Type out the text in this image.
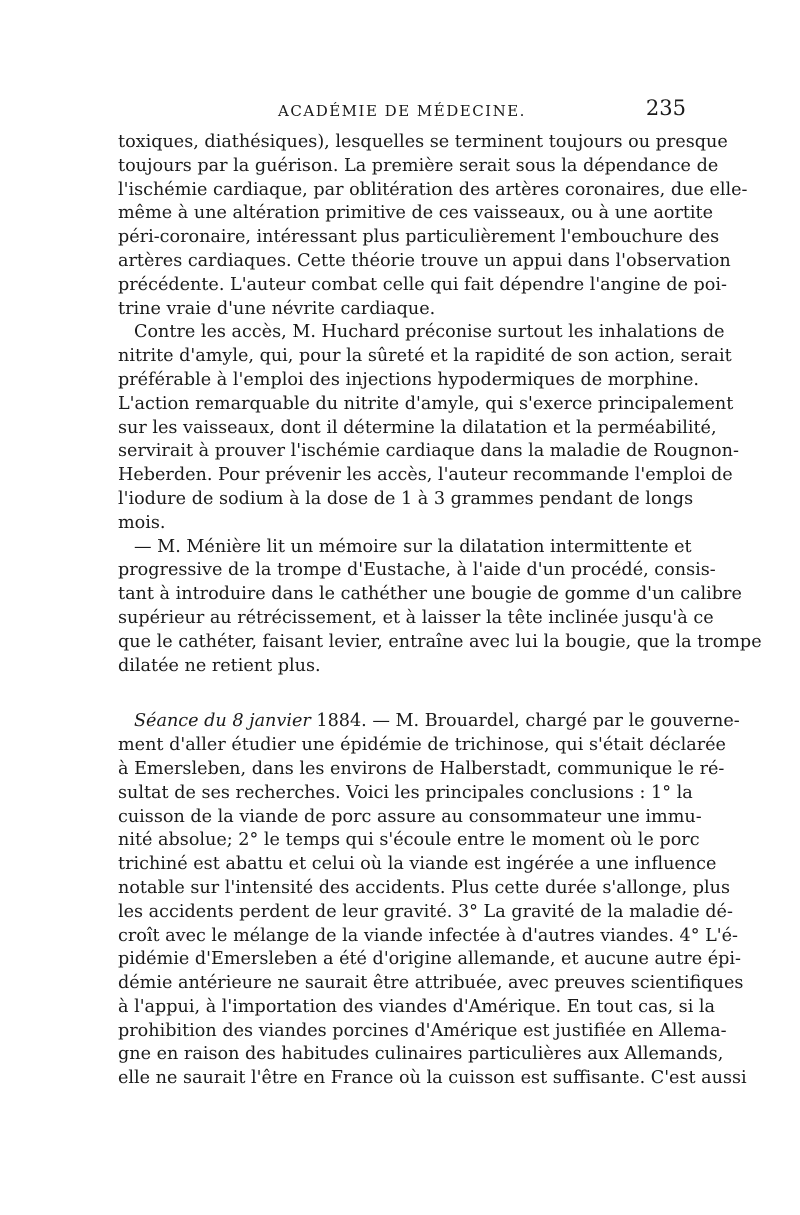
ACADÉMIE DE MÉDECINE.	235
toxiques, diathésiques), lesquelles se terminent toujours ou presque
toujours par la guérison. La première serait sous la dépendance de
l'ischémie cardiaque, par oblitération des artères coronaires, due elle-
même à une altération primitive de ces vaisseaux, ou à une aortite
péri-coronaire, intéressant plus particulièrement l'embouchure des
artères cardiaques. Cette théorie trouve un appui dans l'observation
précédente. L'auteur combat celle qui fait dépendre l'angine de poi-
trine vraie d'une névrite cardiaque.
Contre les accès, M. Huchard préconise surtout les inhalations de
nitrite d'amyle, qui, pour la sûreté et la rapidité de son action, serait
préférable à l'emploi des injections hypodermiques de morphine.
L'action remarquable du nitrite d'amyle, qui s'exerce principalement
sur les vaisseaux, dont il détermine la dilatation et la perméabilité,
servirait à prouver l'ischémie cardiaque dans la maladie de Rougnon-
Heberden. Pour prévenir les accès, l'auteur recommande l'emploi de
l'iodure de sodium à la dose de 1 à 3 grammes pendant de longs
mois.
— M. Ménière lit un mémoire sur la dilatation intermittente et
progressive de la trompe d'Eustache, à l'aide d'un procédé, consis-
tant à introduire dans le cathéther une bougie de gomme d'un calibre
supérieur au rétrécissement, et à laisser la tête inclinée jusqu'à ce
que le cathéter, faisant levier, entraîne avec lui la bougie, que la trompe
dilatée ne retient plus.
Séance du 8 janvier 1884. — M. Brouardel, chargé par le gouverne-
ment d'aller étudier une épidémie de trichinose, qui s'était déclarée
à Emersleben, dans les environs de Halberstadt, communique le ré-
sultat de ses recherches. Voici les principales conclusions : 1° la
cuisson de la viande de porc assure au consommateur une immu-
nité absolue; 2° le temps qui s'écoule entre le moment où le porc
trichiné est abattu et celui où la viande est ingérée a une influence
notable sur l'intensité des accidents. Plus cette durée s'allonge, plus
les accidents perdent de leur gravité. 3° La gravité de la maladie dé-
croît avec le mélange de la viande infectée à d'autres viandes. 4° L'é-
pidémie d'Emersleben a été d'origine allemande, et aucune autre épi-
démie antérieure ne saurait être attribuée, avec preuves scientifiques
à l'appui, à l'importation des viandes d'Amérique. En tout cas, si la
prohibition des viandes porcines d'Amérique est justifiée en Allema-
gne en raison des habitudes culinaires particulières aux Allemands,
elle ne saurait l'être en France où la cuisson est suffisante. C'est aussi
